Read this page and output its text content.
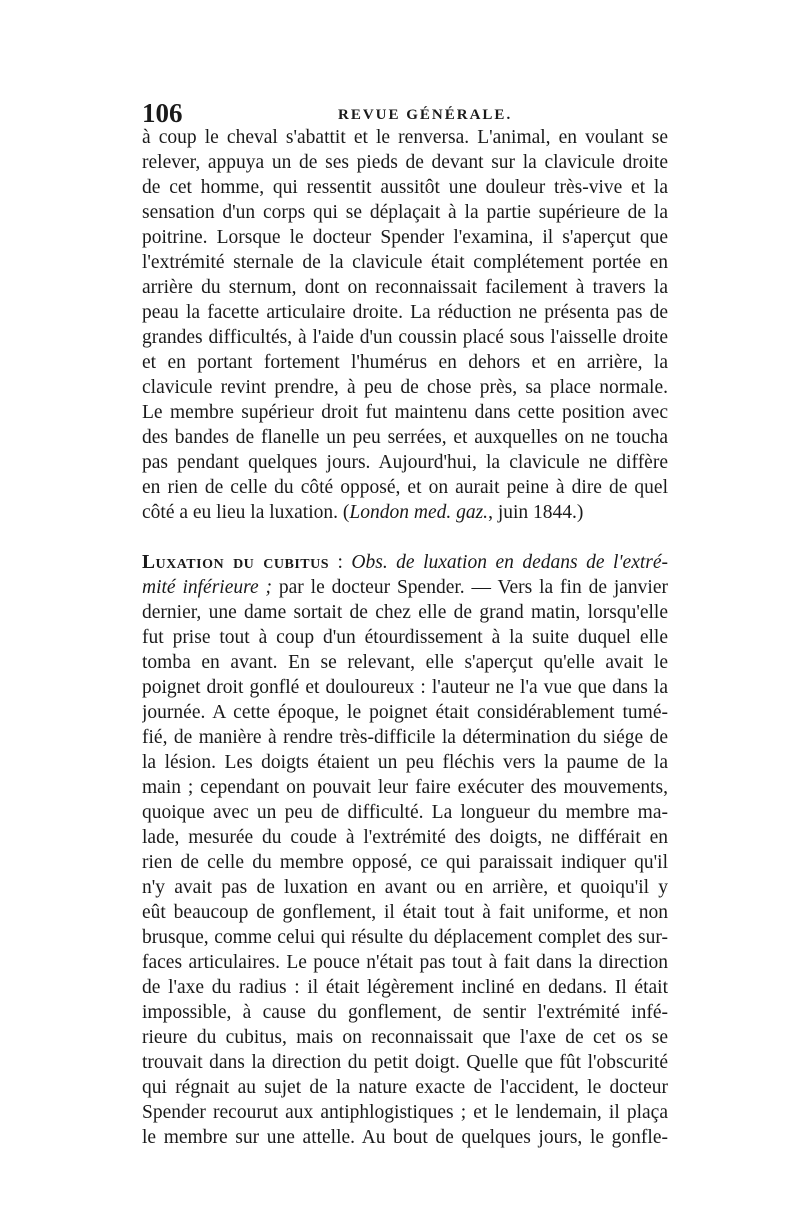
106	REVUE GÉNÉRALE.
à coup le cheval s'abattit et le renversa. L'animal, en voulant se
relever, appuya un de ses pieds de devant sur la clavicule droite
de cet homme, qui ressentit aussitôt une douleur très-vive et la
sensation d'un corps qui se déplaçait à la partie supérieure de la
poitrine. Lorsque le docteur Spender l'examina, il s'aperçut que
l'extrémité sternale de la clavicule était complétement portée en
arrière du sternum, dont on reconnaissait facilement à travers la
peau la facette articulaire droite. La réduction ne présenta pas de
grandes difficultés, à l'aide d'un coussin placé sous l'aisselle droite
et en portant fortement l'humérus en dehors et en arrière, la
clavicule revint prendre, à peu de chose près, sa place normale.
Le membre supérieur droit fut maintenu dans cette position avec
des bandes de flanelle un peu serrées, et auxquelles on ne toucha
pas pendant quelques jours. Aujourd'hui, la clavicule ne diffère
en rien de celle du côté opposé, et on aurait peine à dire de quel
côté a eu lieu la luxation. (London med. gaz., juin 1844.)
Luxation du cubitus : Obs. de luxation en dedans de l'extré-
mité inférieure ; par le docteur Spender. — Vers la fin de janvier
dernier, une dame sortait de chez elle de grand matin, lorsqu'elle
fut prise tout à coup d'un étourdissement à la suite duquel elle
tomba en avant. En se relevant, elle s'aperçut qu'elle avait le
poignet droit gonflé et douloureux : l'auteur ne l'a vue que dans la
journée. A cette époque, le poignet était considérablement tumé-
fié, de manière à rendre très-difficile la détermination du siége de
la lésion. Les doigts étaient un peu fléchis vers la paume de la
main ; cependant on pouvait leur faire exécuter des mouvements,
quoique avec un peu de difficulté. La longueur du membre ma-
lade, mesurée du coude à l'extrémité des doigts, ne différait en
rien de celle du membre opposé, ce qui paraissait indiquer qu'il
n'y avait pas de luxation en avant ou en arrière, et quoiqu'il y
eût beaucoup de gonflement, il était tout à fait uniforme, et non
brusque, comme celui qui résulte du déplacement complet des sur-
faces articulaires. Le pouce n'était pas tout à fait dans la direction
de l'axe du radius : il était légèrement incliné en dedans. Il était
impossible, à cause du gonflement, de sentir l'extrémité infé-
rieure du cubitus, mais on reconnaissait que l'axe de cet os se
trouvait dans la direction du petit doigt. Quelle que fût l'obscurité
qui régnait au sujet de la nature exacte de l'accident, le docteur
Spender recourut aux antiphlogistiques ; et le lendemain, il plaça
le membre sur une attelle. Au bout de quelques jours, le gonfle-
